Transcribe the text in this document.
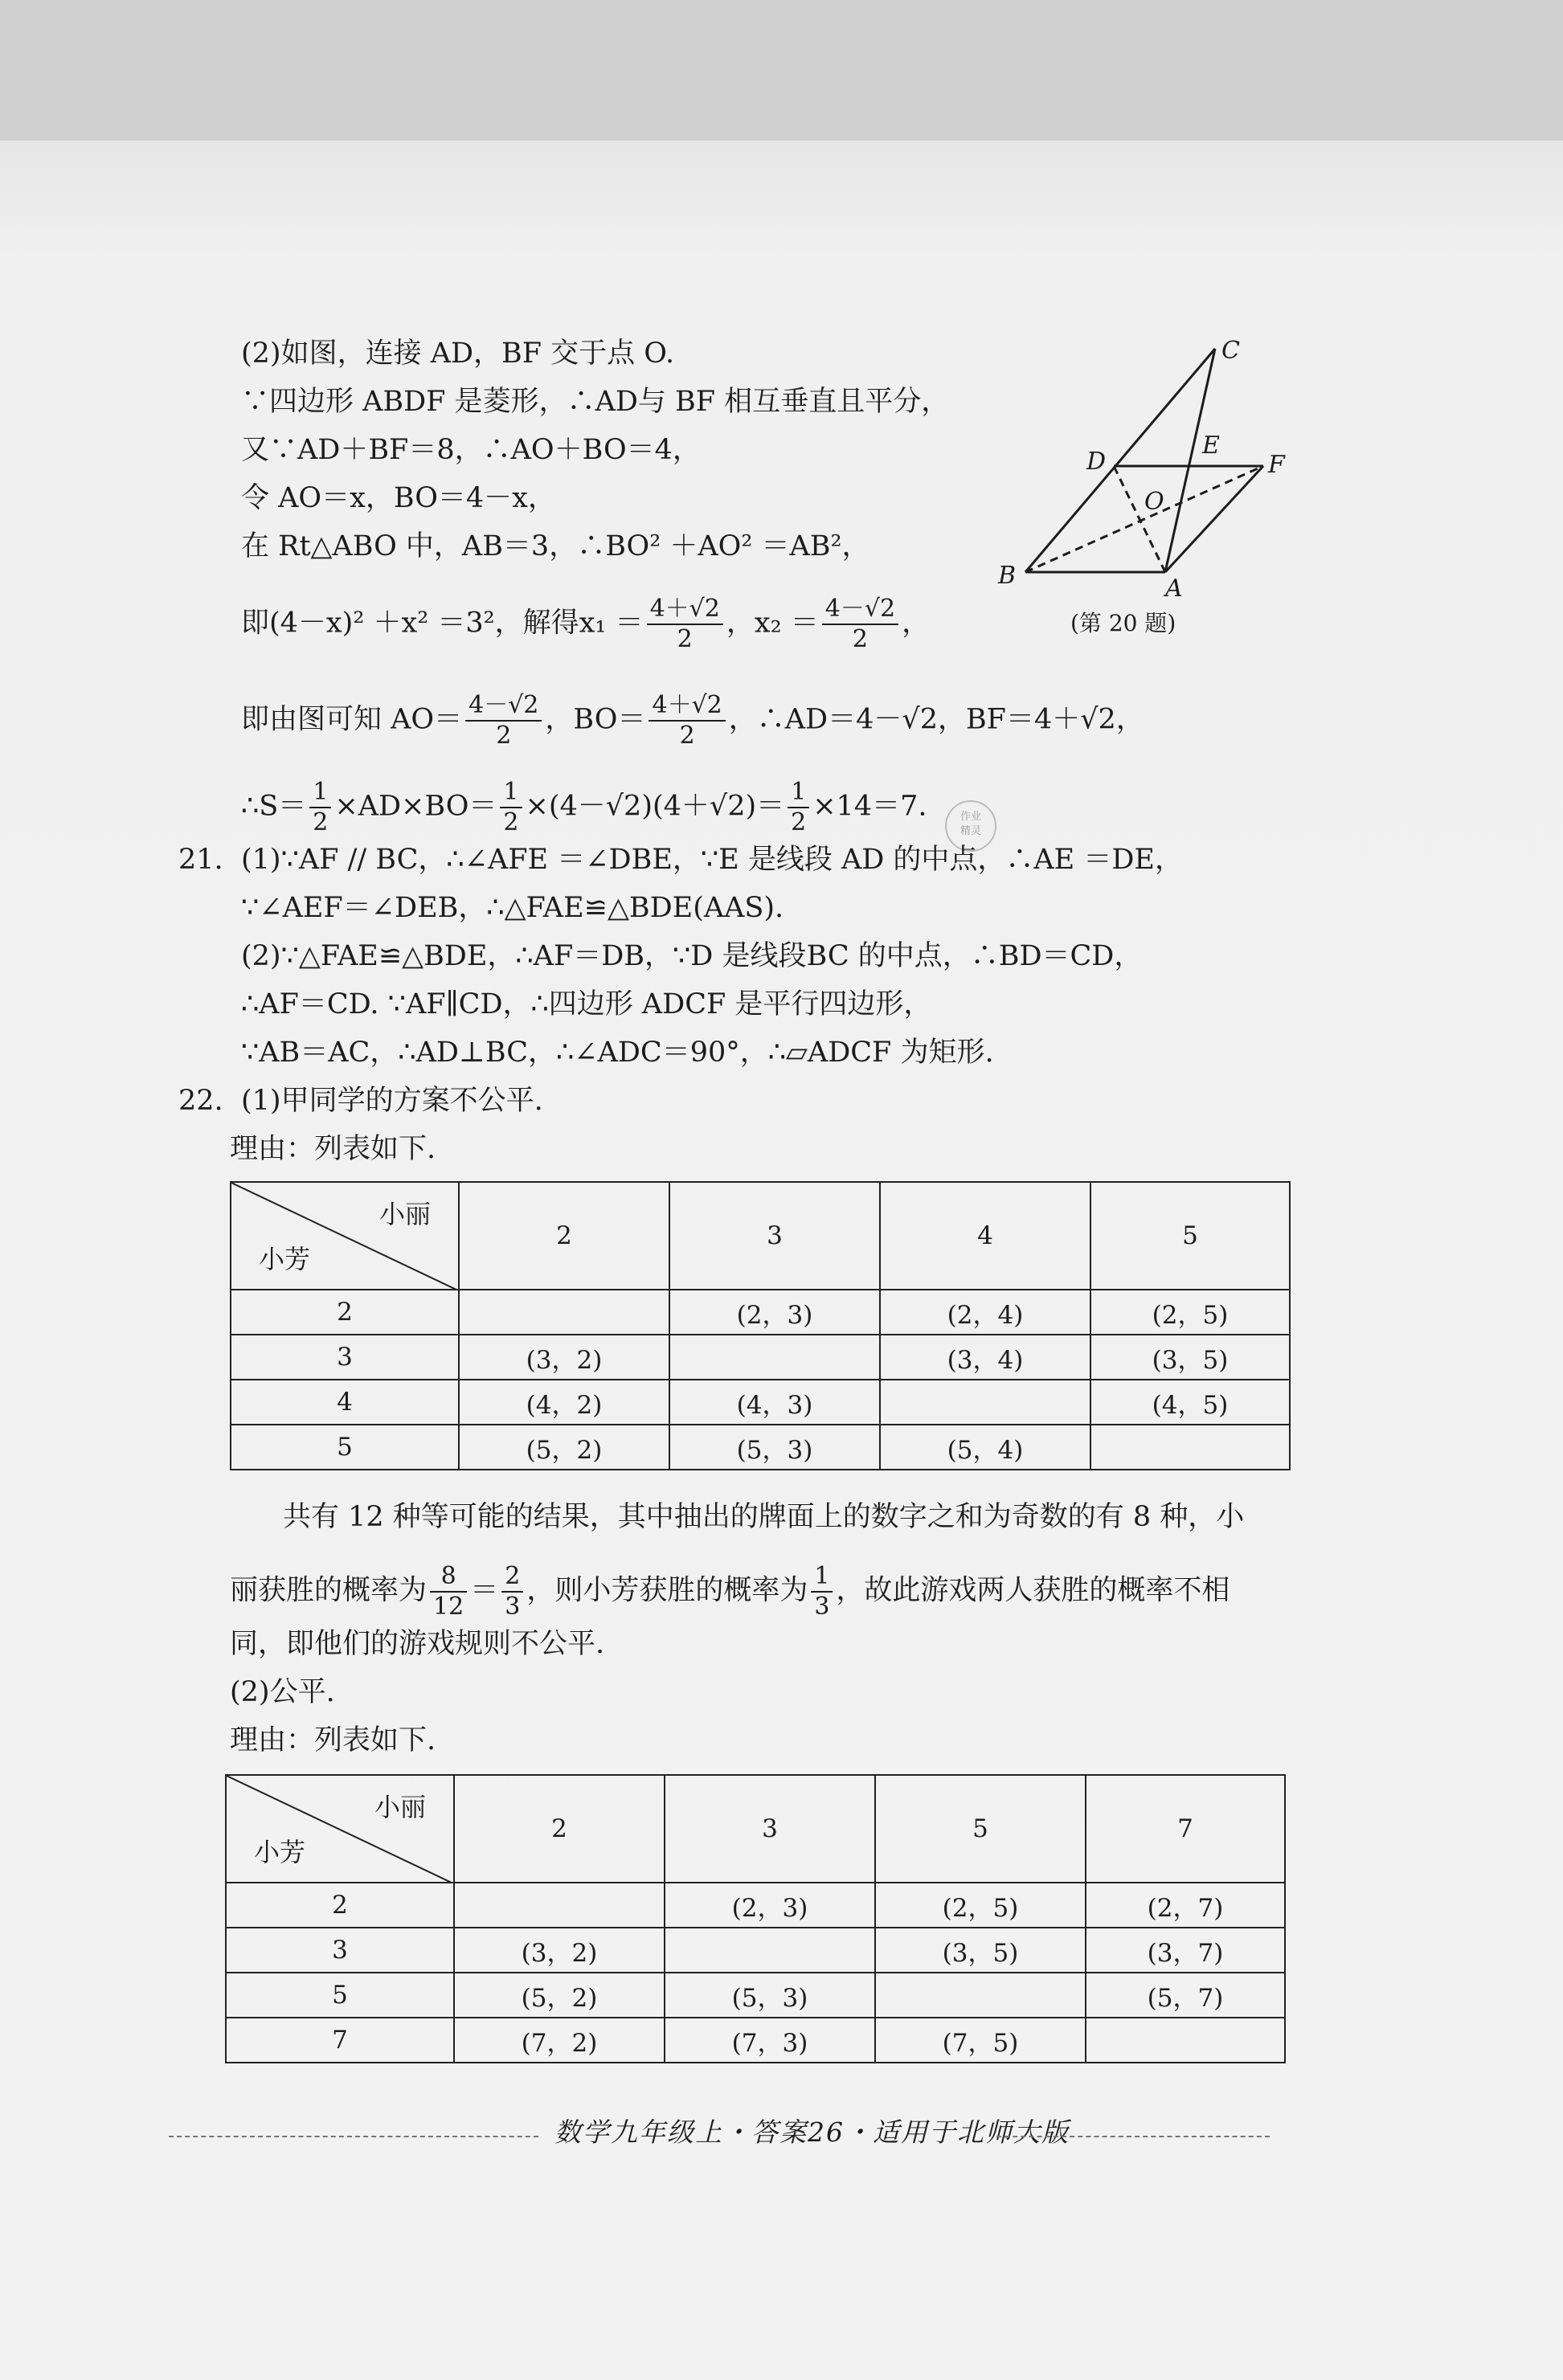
(2)如图，连接 AD，BF 交于点 O.
∵四边形 ABDF 是菱形，∴AD与 BF 相互垂直且平分，
又∵AD＋BF＝8，∴AO＋BO＝4，
令 AO＝x，BO＝4－x，
在 Rt△ABO 中，AB＝3，∴BO² ＋AO² ＝AB²，
即(4－x)² ＋x² ＝3²，解得$x_1 = \frac{4+√2}{2}$ ，$x_2 = \frac{4-√2}{2}$ ，
即由图可知 $AO= \frac{4-√2}{2}$ ，$BO= \frac{4+√2}{2}$ ，∴AD＝4－√2，BF＝4＋√2，
∴S＝ $\frac{1}{2} \times AD\times BO= \frac{1}{2} \times(4-√2)(4+√2)= \frac{1}{2} \times 14=7$.	作业
精灵
C
D
E
F
O
B	A
(第 20 题)
21. (1)∵AF // BC，∴∠AFE ＝∠DBE，∵E 是线段 AD 的中点，∴AE ＝DE，
∵∠AEF＝∠DEB，∴△FAE≌△BDE(AAS).
(2)∵△FAE≌△BDE，∴AF＝DB，∵D 是线段BC 的中点，∴BD＝CD，
∴AF＝CD. ∵AF∥CD，∴四边形 ADCF 是平行四边形，
∵AB＝AC，∴AD⊥BC，∴∠ADC＝90°，∴▱ADCF 为矩形.
22. (1)甲同学的方案不公平.
理由：列表如下.
小丽
小芳	2	3	4	5
2		(2，3)	(2，4)	(2，5)
3	(3，2)		(3，4)	(3，5)
4	(4，2)	(4，3)		(4，5)
5	(5，2)	(5，3)	(5，4)	
共有 12 种等可能的结果，其中抽出的牌面上的数字之和为奇数的有 8 种，小
丽获胜的概率为 $\frac{8}{12} = \frac{2}{3}$ ，则小芳获胜的概率为 $\frac{1}{3}$ ，故此游戏两人获胜的概率不相
同，即他们的游戏规则不公平.
(2)公平.
理由：列表如下.
小丽
小芳	2	3	5	7
2		(2，3)	(2，5)	(2，7)
3	(3，2)		(3，5)	(3，7)
5	(5，2)	(5，3)		(5，7)
7	(7，2)	(7，3)	(7，5)	
数学九年级上・答案26・适用于北师大版
